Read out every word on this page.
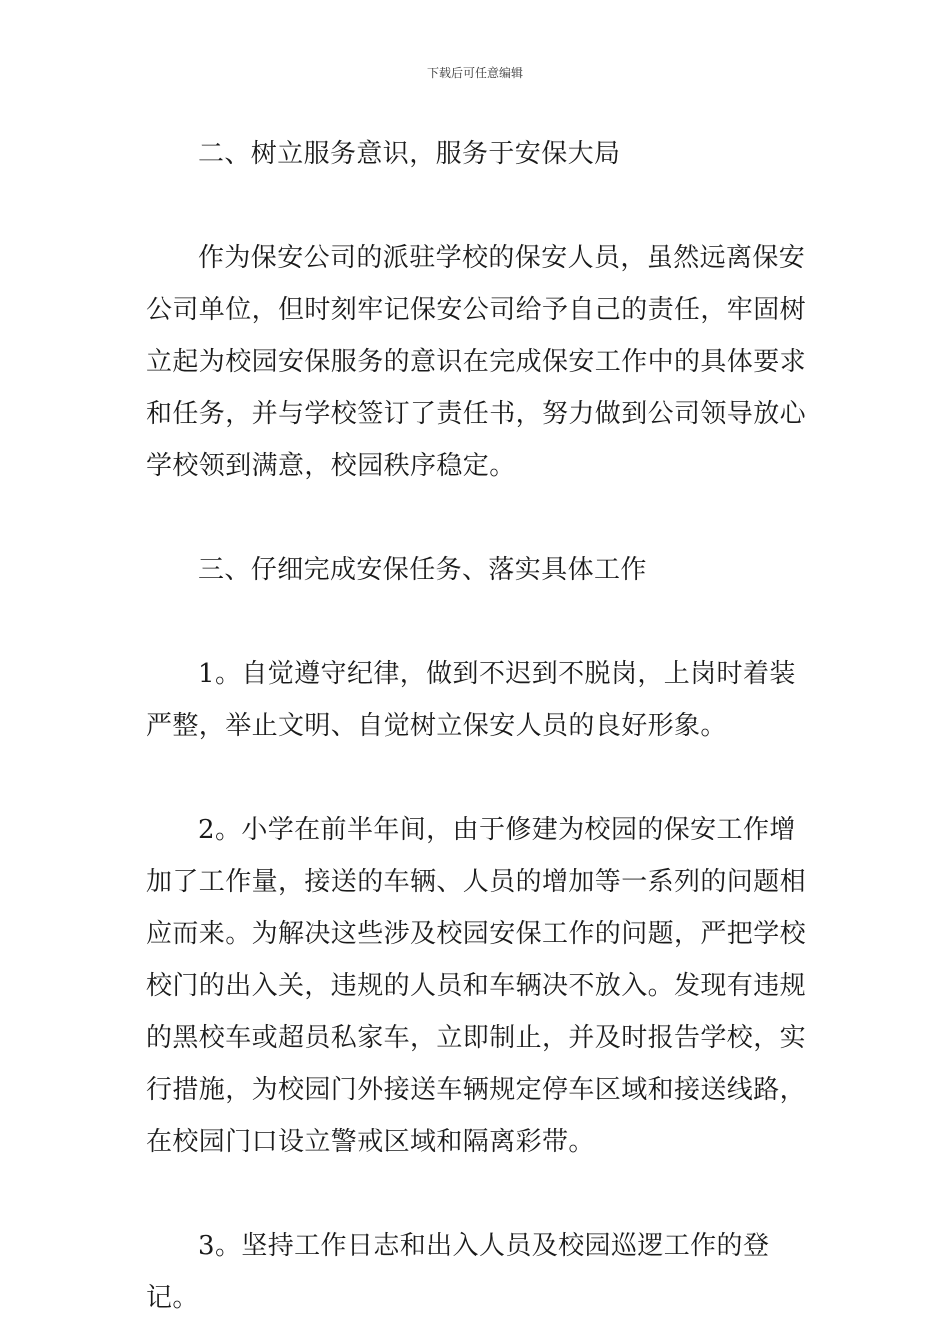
下载后可任意编辑

二、树立服务意识，服务于安保大局

作为保安公司的派驻学校的保安人员，虽然远离保安公司单位，但时刻牢记保安公司给予自己的责任，牢固树立起为校园安保服务的意识在完成保安工作中的具体要求和任务，并与学校签订了责任书，努力做到公司领导放心学校领到满意，校园秩序稳定。

三、仔细完成安保任务、落实具体工作

1。自觉遵守纪律，做到不迟到不脱岗，上岗时着装严整，举止文明、自觉树立保安人员的良好形象。

2。小学在前半年间，由于修建为校园的保安工作增加了工作量，接送的车辆、人员的增加等一系列的问题相应而来。为解决这些涉及校园安保工作的问题，严把学校校门的出入关，违规的人员和车辆决不放入。发现有违规的黑校车或超员私家车，立即制止，并及时报告学校，实行措施，为校园门外接送车辆规定停车区域和接送线路，在校园门口设立警戒区域和隔离彩带。

3。坚持工作日志和出入人员及校园巡逻工作的登记。
